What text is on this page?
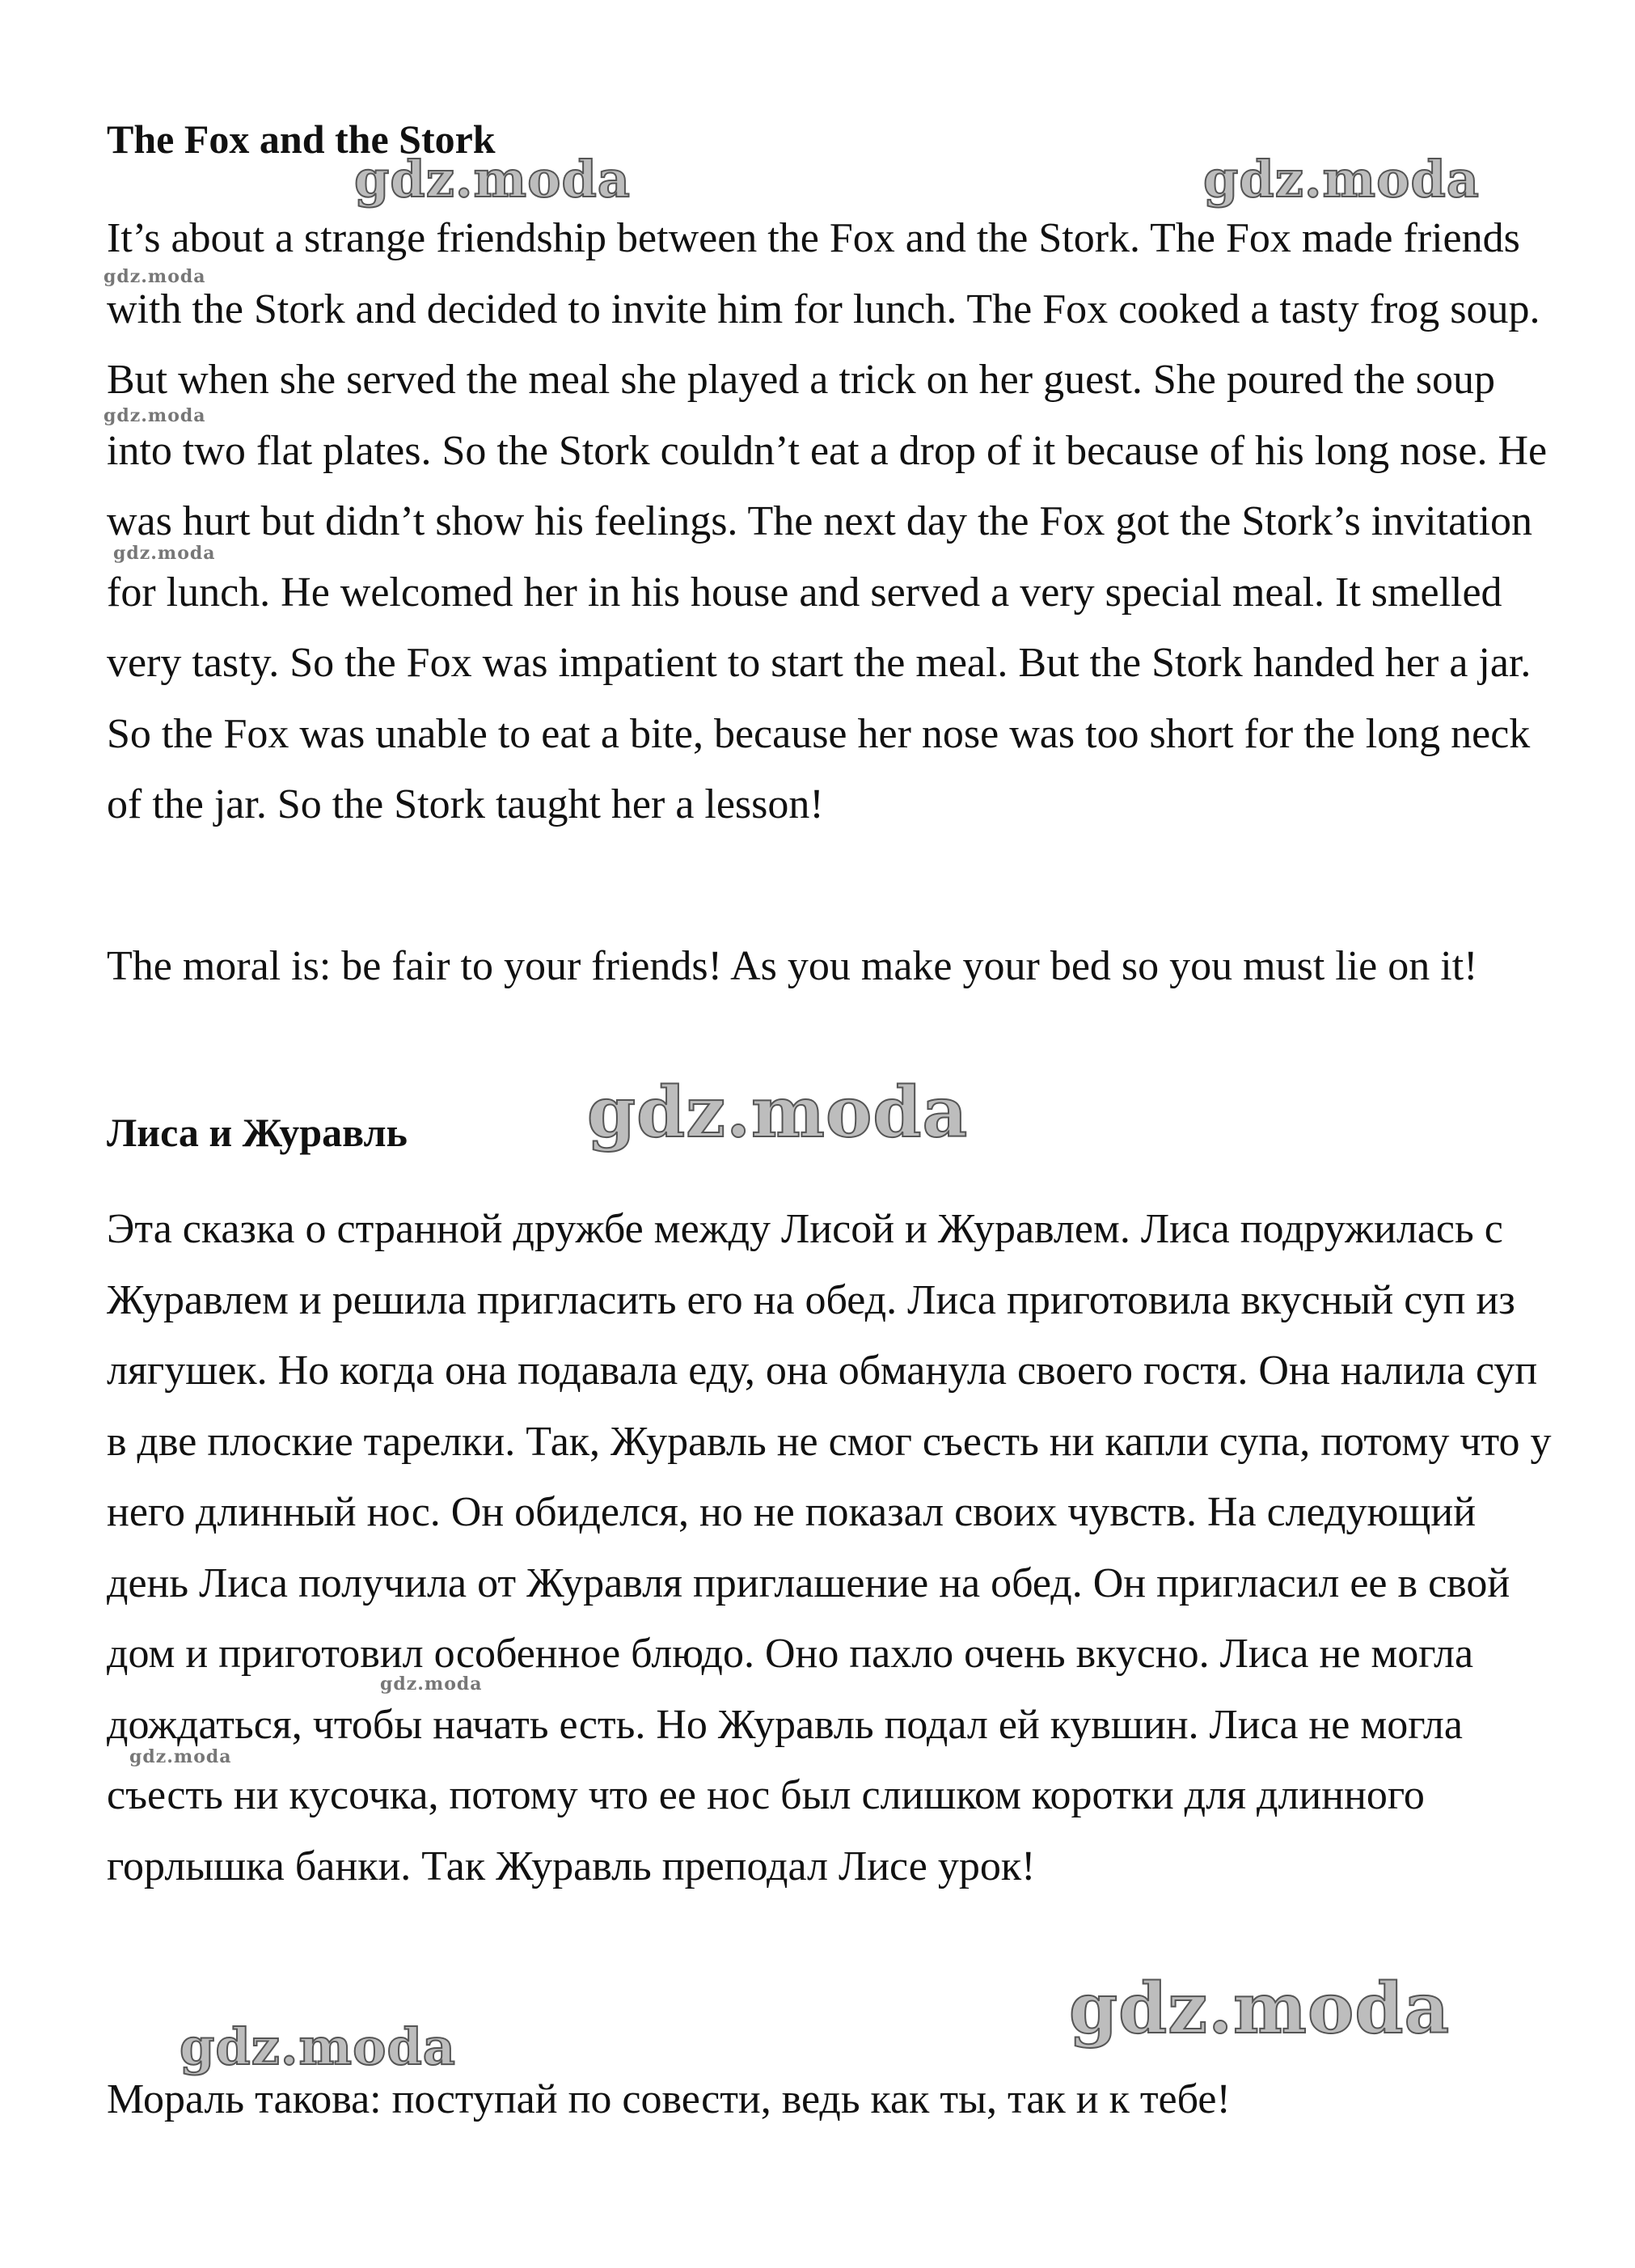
The Fox and the Stork

It’s about a strange friendship between the Fox and the Stork. The Fox made friends with the Stork and decided to invite him for lunch. The Fox cooked a tasty frog soup. But when she served the meal she played a trick on her guest. She poured the soup into two flat plates. So the Stork couldn’t eat a drop of it because of his long nose. He was hurt but didn’t show his feelings. The next day the Fox got the Stork’s invitation for lunch. He welcomed her in his house and served a very special meal. It smelled very tasty. So the Fox was impatient to start the meal. But the Stork handed her a jar. So the Fox was unable to eat a bite, because her nose was too short for the long neck of the jar. So the Stork taught her a lesson!

The moral is: be fair to your friends! As you make your bed so you must lie on it!

Лиса и Журавль

Эта сказка о странной дружбе между Лисой и Журавлем. Лиса подружилась с Журавлем и решила пригласить его на обед. Лиса приготовила вкусный суп из лягушек. Но когда она подавала еду, она обманула своего гостя. Она налила суп в две плоские тарелки. Так, Журавль не смог съесть ни капли супа, потому что у него длинный нос. Он обиделся, но не показал своих чувств. На следующий день Лиса получила от Журавля приглашение на обед. Он пригласил ее в свой дом и приготовил особенное блюдо. Оно пахло очень вкусно. Лиса не могла дождаться, чтобы начать есть. Но Журавль подал ей кувшин. Лиса не могла съесть ни кусочка, потому что ее нос был слишком коротки для длинного горлышка банки. Так Журавль преподал Лисе урок!

Мораль такова: поступай по совести, ведь как ты, так и к тебе!

gdz.moda	gdz.moda
gdz.moda
gdz.moda
gdz.moda
gdz.moda
gdz.moda
gdz.moda
gdz.moda
gdz.moda
